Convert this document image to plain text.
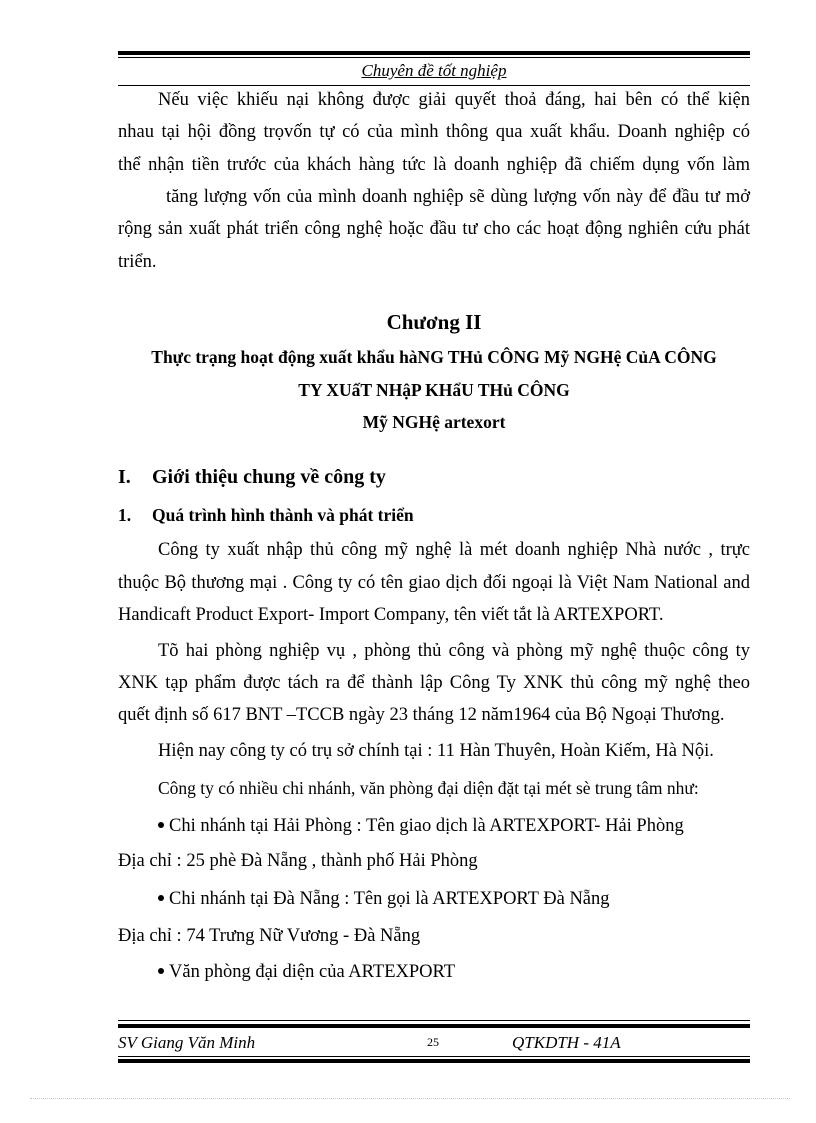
Chuyên đề tốt nghiệp

Nếu việc khiếu nại không được giải quyết thoả đáng, hai bên có thể kiện

nhau tại hội đồng trọvốn tự có của mình thông qua xuất khẩu. Doanh nghiệp có

thể nhận tiền trước của khách hàng tức là doanh nghiệp đã chiếm dụng vốn làm

tăng lượng vốn của mình doanh nghiệp sẽ dùng lượng vốn này để đầu tư mở

rộng sản xuất phát triển công nghệ hoặc đầu tư cho các hoạt động nghiên cứu phát

triển.

Chương II
Thực trạng hoạt động xuất khẩu hàNG THủ CÔNG Mỹ NGHệ CủA CÔNG
TY XUấT NHậP KHẩU THủ CÔNG
Mỹ NGHệ artexort
I. Giới thiệu chung về công ty
1. Quá trình hình thành và phát triển

Công ty xuất nhập thủ công mỹ nghệ là mét doanh nghiệp Nhà nước , trực

thuộc Bộ thương mại . Công ty có tên giao dịch đối ngoại là Việt Nam National and

Handicaft Product Export- Import Company, tên viết tắt là ARTEXPORT.

Tõ hai phòng nghiệp vụ , phòng thủ công và phòng mỹ nghệ thuộc công ty

XNK tạp phẩm được tách ra để thành lập Công Ty XNK thủ công mỹ nghệ theo

quết định số 617 BNT –TCCB ngày 23 tháng 12 năm1964 của Bộ Ngoại Thương.

Hiện nay công ty có trụ sở chính tại : 11 Hàn Thuyên, Hoàn Kiếm, Hà Nội.

Công ty có nhiều chi nhánh, văn phòng đại diện đặt tại mét sè trung tâm như:

Chi nhánh tại Hải Phòng : Tên giao dịch là ARTEXPORT- Hải Phòng

Địa chỉ : 25 phè Đà Nẵng , thành phố Hải Phòng

Chi nhánh tại Đà Nẵng : Tên gọi là ARTEXPORT Đà Nẵng

Địa chỉ : 74 Trưng Nữ Vương - Đà Nẵng

Văn phòng đại diện của ARTEXPORT

SV Giang Văn Minh	25	QTKDTH - 41A
